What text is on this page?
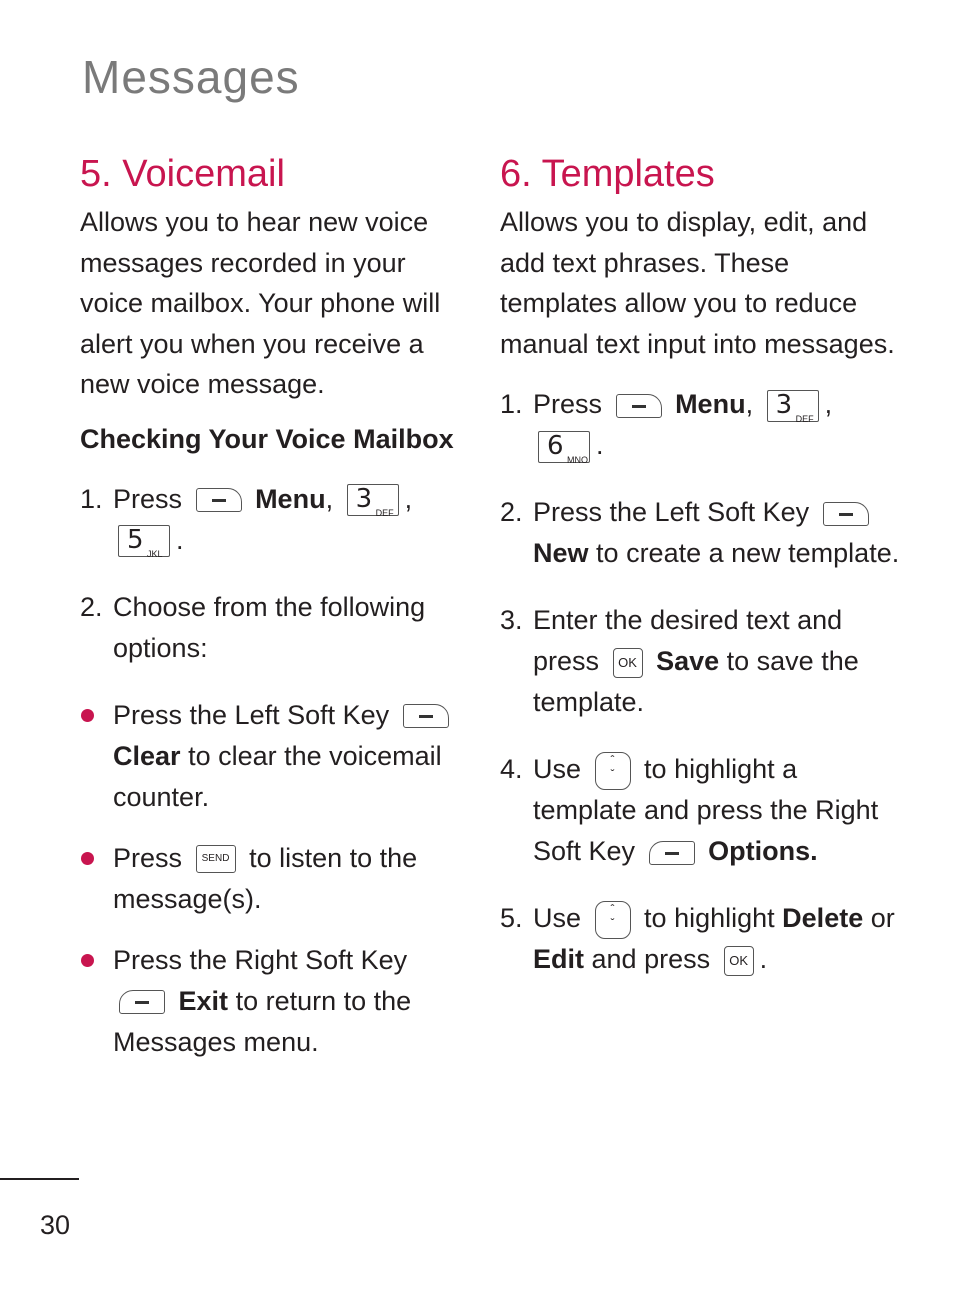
Messages
5. Voicemail

Allows you to hear new voice messages recorded in your voice mailbox. Your phone will alert you when you receive a new voice message.

Checking Your Voice Mailbox

1. Press	Menu, 3 DEF ,

5 JKL .

2. Choose from the following options:

Press the Left Soft Key
Clear to clear the voicemail counter.

Press SEND to listen to the message(s).

Press the Right Soft Key
Exit to return to the Messages menu.

6. Templates

Allows you to display, edit, and add text phrases. These templates allow you to reduce manual text input into messages.

1. Press	Menu, 3 DEF ,

6 MNO .

2. Press the Left Soft Key
New to create a new template.

3. Enter the desired text and press OK Save to save the template.

4. Use ˆ
ˇ to highlight a template and press the Right Soft Key	Options.

5. Use ˆ
ˇ to highlight Delete or Edit and press OK .

30
